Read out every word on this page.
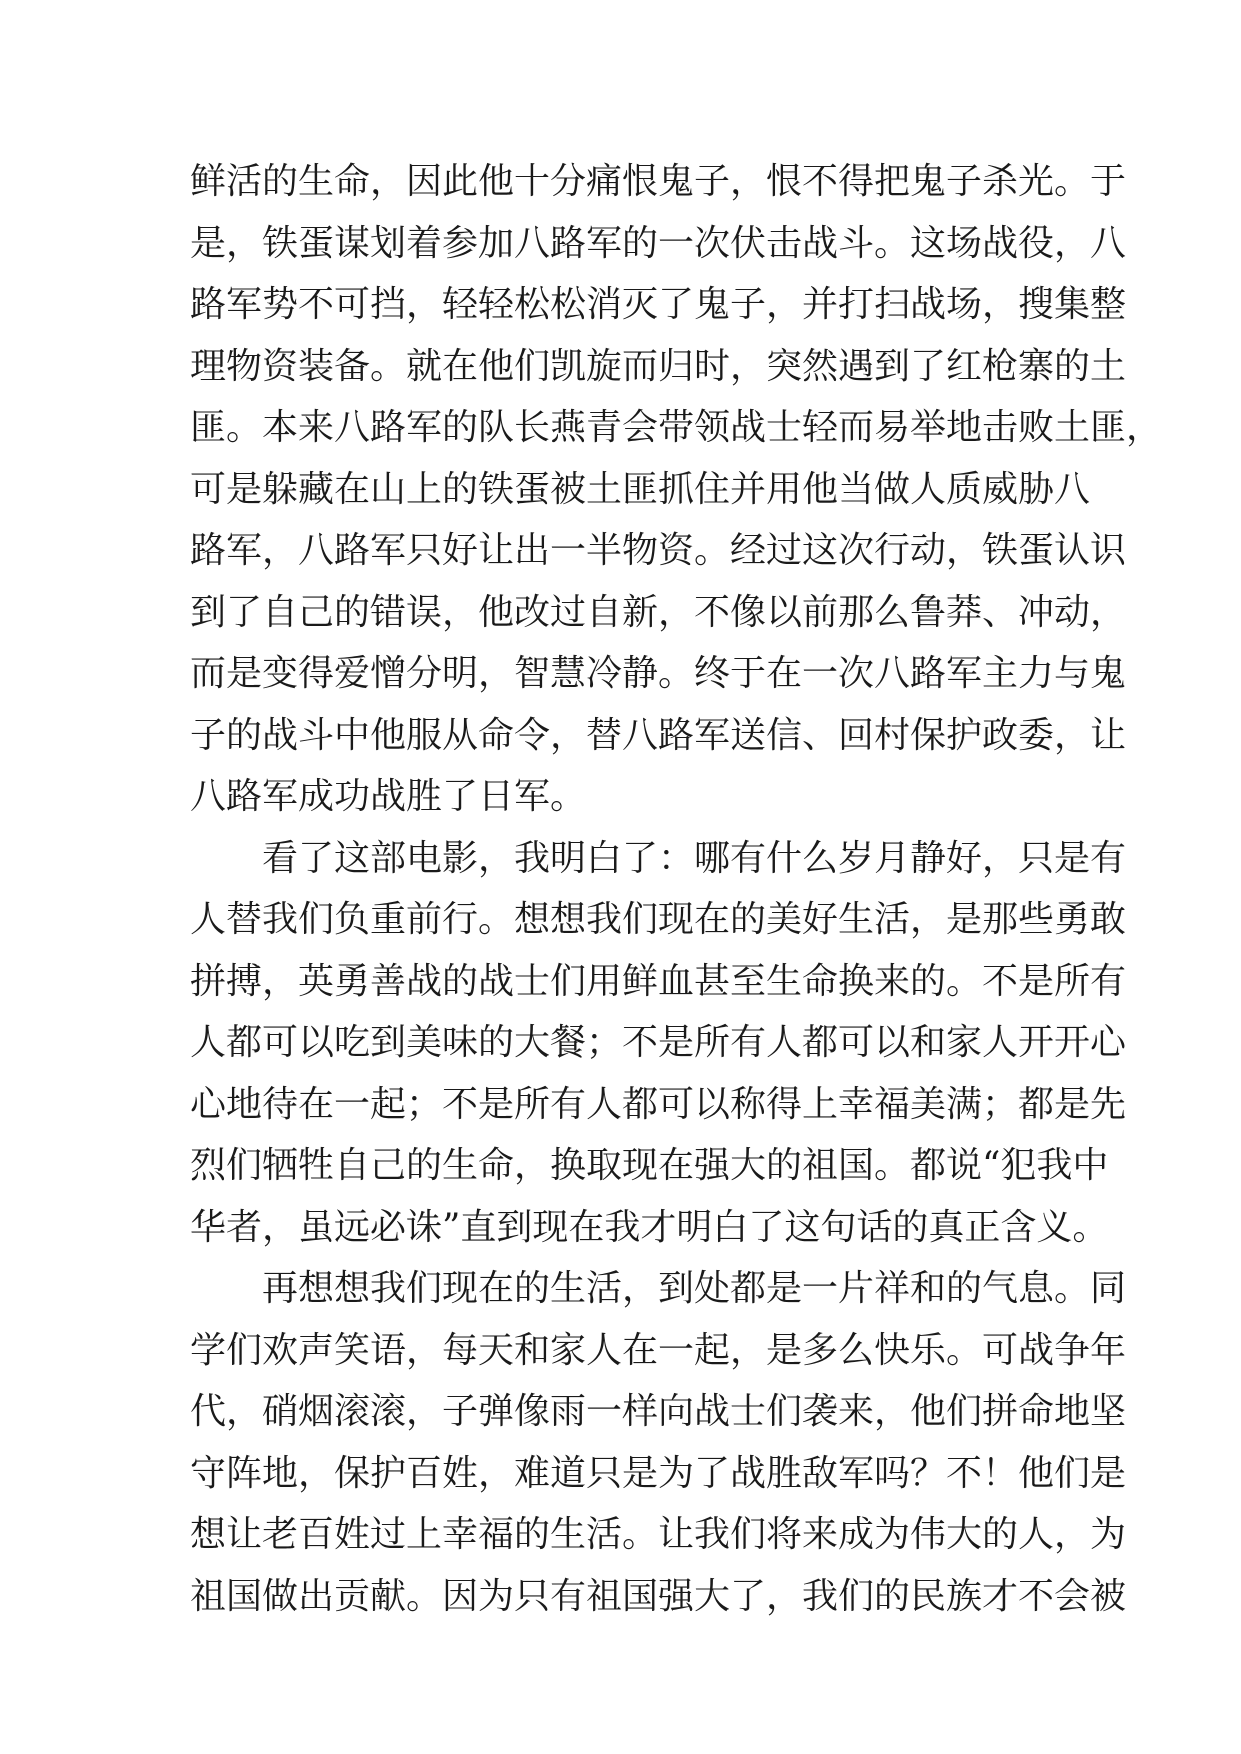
鲜活的生命，因此他十分痛恨鬼子，恨不得把鬼子杀光。于
是，铁蛋谋划着参加八路军的一次伏击战斗。这场战役，八
路军势不可挡，轻轻松松消灭了鬼子，并打扫战场，搜集整
理物资装备。就在他们凯旋而归时，突然遇到了红枪寨的土
匪。本来八路军的队长燕青会带领战士轻而易举地击败土匪，
可是躲藏在山上的铁蛋被土匪抓住并用他当做人质威胁八
路军，八路军只好让出一半物资。经过这次行动，铁蛋认识
到了自己的错误，他改过自新，不像以前那么鲁莽、冲动，
而是变得爱憎分明，智慧冷静。终于在一次八路军主力与鬼
子的战斗中他服从命令，替八路军送信、回村保护政委，让
八路军成功战胜了日军。
看了这部电影，我明白了：哪有什么岁月静好，只是有
人替我们负重前行。想想我们现在的美好生活，是那些勇敢
拼搏，英勇善战的战士们用鲜血甚至生命换来的。不是所有
人都可以吃到美味的大餐；不是所有人都可以和家人开开心
心地待在一起；不是所有人都可以称得上幸福美满；都是先
烈们牺牲自己的生命，换取现在强大的祖国。都说“犯我中
华者，虽远必诛”直到现在我才明白了这句话的真正含义。
再想想我们现在的生活，到处都是一片祥和的气息。同
学们欢声笑语，每天和家人在一起，是多么快乐。可战争年
代，硝烟滚滚，子弹像雨一样向战士们袭来，他们拼命地坚
守阵地，保护百姓，难道只是为了战胜敌军吗？不！他们是
想让老百姓过上幸福的生活。让我们将来成为伟大的人，为
祖国做出贡献。因为只有祖国强大了，我们的民族才不会被
